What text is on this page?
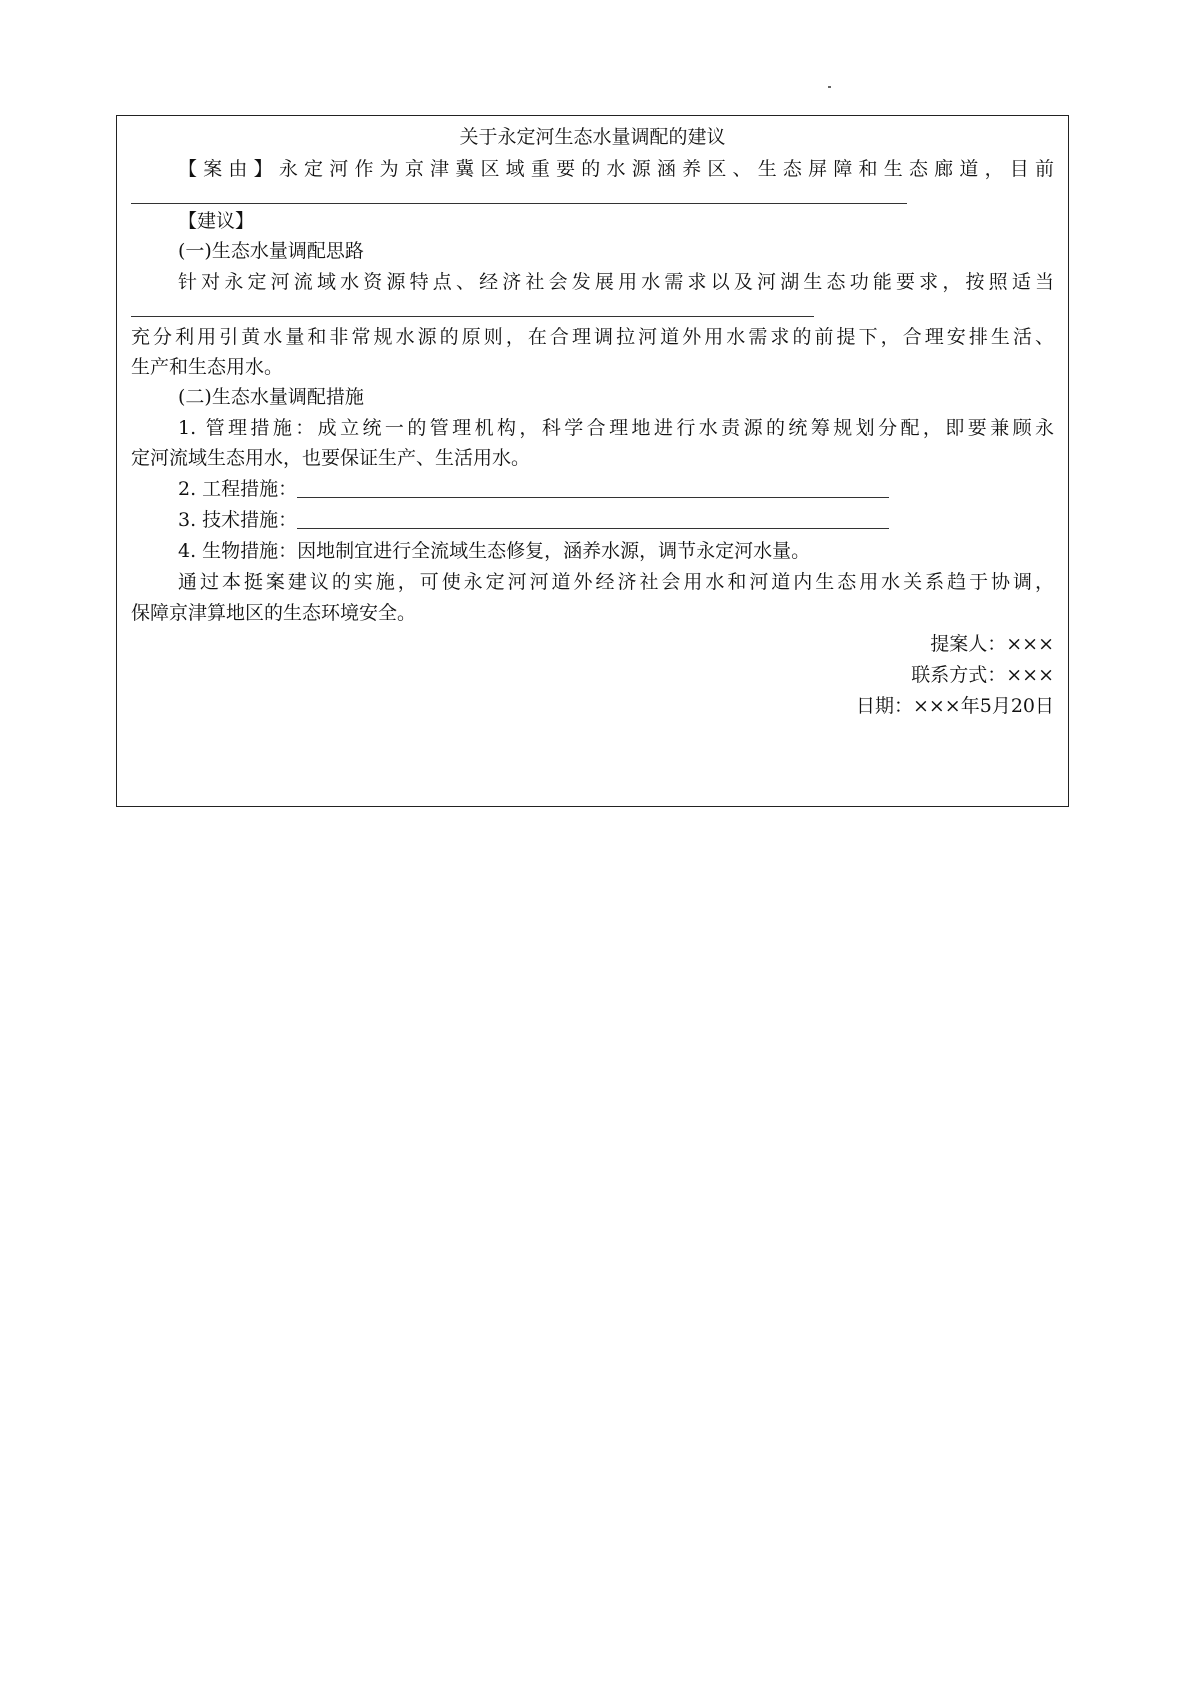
关于永定河生态水量调配的建议
【案由】永定河作为京津冀区域重要的水源涵养区、生态屏障和生态廊道，目前
【建议】
(一)生态水量调配思路
针对永定河流域水资源特点、经济社会发展用水需求以及河湖生态功能要求，按照适当
充分利用引黄水量和非常规水源的原则，在合理调拉河道外用水需求的前提下，合理安排生活、
生产和生态用水。
(二)生态水量调配措施
1. 管理措施：成立统一的管理机构，科学合理地进行水责源的统筹规划分配，即要兼顾永
定河流域生态用水，也要保证生产、生活用水。
2. 工程措施：
3. 技术措施：
4. 生物措施：因地制宜进行全流域生态修复，涵养水源，调节永定河水量。
通过本挺案建议的实施，可使永定河河道外经济社会用水和河道内生态用水关系趋于协调，
保障京津算地区的生态环境安全。
提案人：×××
联系方式：×××
日期：×××年5月20日
